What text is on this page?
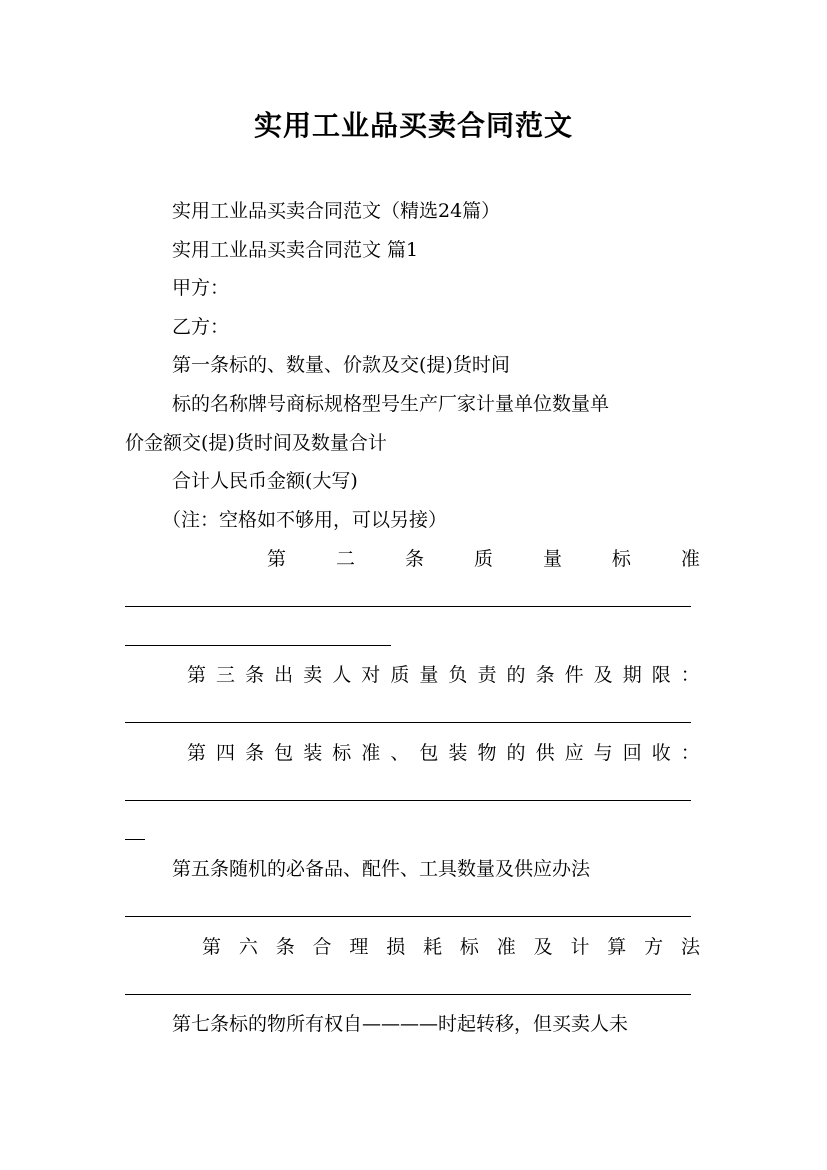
实用工业品买卖合同范文
实用工业品买卖合同范文（精选24篇）
实用工业品买卖合同范文 篇1
甲方：
乙方：
第一条标的、数量、价款及交(提)货时间
标的名称牌号商标规格型号生产厂家计量单位数量单
价金额交(提)货时间及数量合计
合计人民币金额(大写)
（注：空格如不够用，可以另接）
第	二	条	质	量	标	准
第 三 条 出 卖 人 对 质 量 负 责 的 条 件 及 期 限 ：
第 四 条 包 装 标 准 、 包 装 物 的 供 应 与 回 收 ：
第五条随机的必备品、配件、工具数量及供应办法
第 六 条 合 理 损 耗 标 准 及 计 算 方 法
第七条标的物所有权自————时起转移，但买卖人未
